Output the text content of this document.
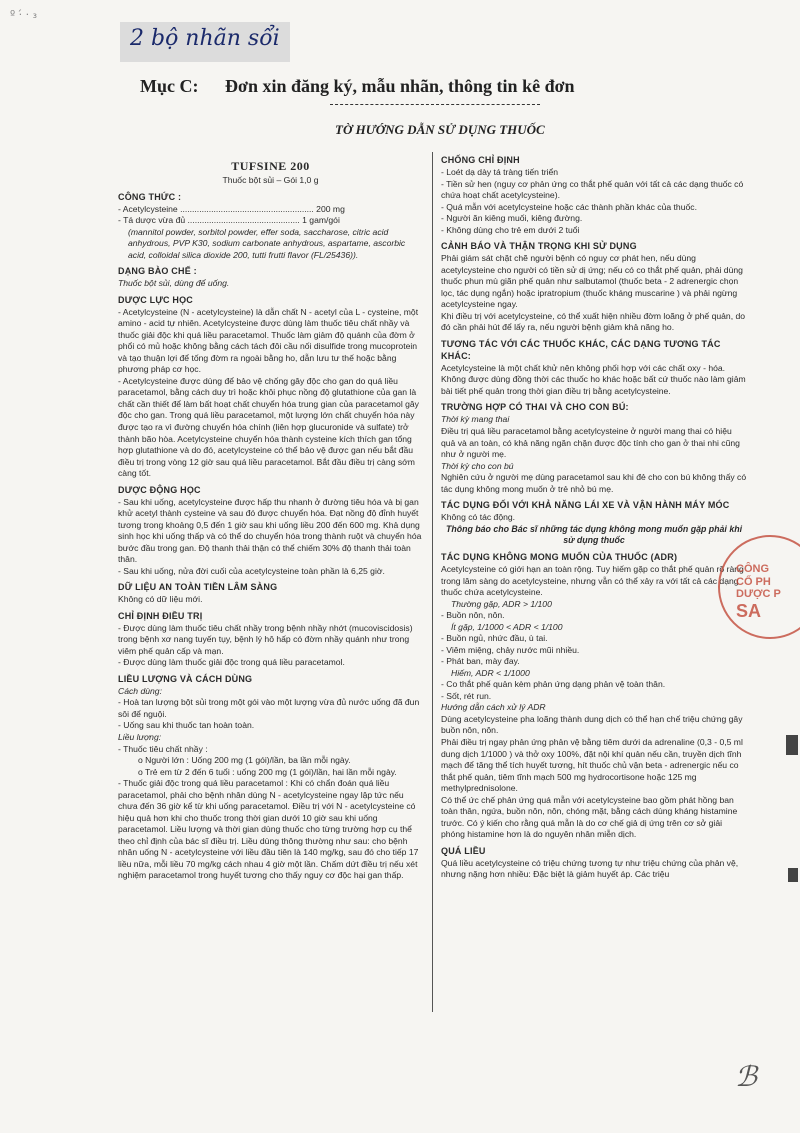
º ·́ · ₃
2 bộ nhãn sổi
Mục C: Đơn xin đăng ký, mẫu nhãn, thông tin kê đơn
TỜ HƯỚNG DẪN SỬ DỤNG THUỐC
TUFSINE 200
Thuốc bột sủi – Gói 1,0 g
CÔNG THỨC :
- Acetylcysteine ........................................................ 200 mg
- Tá dược vừa đủ ............................................... 1 gam/gói
(mannitol powder, sorbitol powder, effer soda, saccharose, citric acid anhydrous, PVP K30, sodium carbonate anhydrous, aspartame, ascorbic acid, colloidal silica dioxide 200, tutti frutti flavor (FL/25436)).
DẠNG BÀO CHẾ :
Thuốc bột sủi, dùng để uống.
DƯỢC LỰC HỌC
- Acetylcysteine (N - acetylcysteine) là dẫn chất N - acetyl của L - cysteine, một amino - acid tự nhiên. Acetylcysteine được dùng làm thuốc tiêu chất nhầy và thuốc giải độc khi quá liều paracetamol. Thuốc làm giảm độ quánh của đờm ở phổi có mủ hoặc không bằng cách tách đôi cầu nối disulfide trong mucoprotein và tạo thuận lợi để tống đờm ra ngoài bằng ho, dẫn lưu tư thế hoặc bằng phương pháp cơ học.
- Acetylcysteine được dùng để bảo vệ chống gây độc cho gan do quá liều paracetamol, bằng cách duy trì hoặc khôi phục nồng độ glutathione của gan là chất cần thiết để làm bất hoạt chất chuyển hóa trung gian của paracetamol gây độc cho gan. Trong quá liều paracetamol, một lượng lớn chất chuyển hóa này được tạo ra vì đường chuyển hóa chính (liên hợp glucuronide và sulfate) trở thành bão hòa. Acetylcysteine chuyển hóa thành cysteine kích thích gan tổng hợp glutathione và do đó, acetylcysteine có thể bảo vệ được gan nếu bắt đầu điều trị trong vòng 12 giờ sau quá liều paracetamol. Bắt đầu điều trị càng sớm càng tốt.
DƯỢC ĐỘNG HỌC
- Sau khi uống, acetylcysteine được hấp thu nhanh ở đường tiêu hóa và bị gan khử acetyl thành cysteine và sau đó được chuyển hóa. Đạt nồng độ đỉnh huyết tương trong khoảng 0,5 đến 1 giờ sau khi uống liều 200 đến 600 mg. Khả dụng sinh học khi uống thấp và có thể do chuyển hóa trong thành ruột và chuyển hóa bước đầu trong gan. Độ thanh thải thận có thể chiếm 30% độ thanh thải toàn thân.
- Sau khi uống, nửa đời cuối của acetylcysteine toàn phần là 6,25 giờ.
DỮ LIỆU AN TOÀN TIỀN LÂM SÀNG
Không có dữ liệu mới.
CHỈ ĐỊNH ĐIỀU TRỊ
- Được dùng làm thuốc tiêu chất nhầy trong bệnh nhầy nhớt (mucoviscidosis) trong bệnh xơ nang tuyến tụy, bệnh lý hô hấp có đờm nhầy quánh như trong viêm phế quản cấp và mạn.
- Được dùng làm thuốc giải độc trong quá liều paracetamol.
LIỀU LƯỢNG VÀ CÁCH DÙNG
Cách dùng:
- Hoà tan lượng bột sủi trong một gói vào một lượng vừa đủ nước uống đã đun sôi để nguội.
- Uống sau khi thuốc tan hoàn toàn.
Liều lượng:
- Thuốc tiêu chất nhầy :
o Người lớn : Uống 200 mg (1 gói)/lần, ba lần mỗi ngày.
o Trẻ em từ 2 đến 6 tuổi : uống 200 mg (1 gói)/lần, hai lần mỗi ngày.
- Thuốc giải độc trong quá liều paracetamol : Khi có chẩn đoán quá liều paracetamol, phải cho bệnh nhân dùng N - acetylcysteine ngay lập tức nếu chưa đến 36 giờ kể từ khi uống paracetamol. Điều trị với N - acetylcysteine có hiệu quả hơn khi cho thuốc trong thời gian dưới 10 giờ sau khi uống paracetamol. Liều lượng và thời gian dùng thuốc cho từng trường hợp cụ thể theo chỉ định của bác sĩ điều trị. Liều dùng thông thường như sau: cho bệnh nhân uống N - acetylcysteine với liều đầu tiên là 140 mg/kg, sau đó cho tiếp 17 liều nữa, mỗi liều 70 mg/kg cách nhau 4 giờ một lần. Chấm dứt điều trị nếu xét nghiệm paracetamol trong huyết tương cho thấy nguy cơ độc hại gan thấp.
CHỐNG CHỈ ĐỊNH
- Loét dạ dày tá tràng tiến triển
- Tiền sử hen (nguy cơ phản ứng co thắt phế quản với tất cả các dạng thuốc có chứa hoạt chất acetylcysteine).
- Quá mẫn với acetylcysteine hoặc các thành phần khác của thuốc.
- Người ăn kiêng muối, kiêng đường.
- Không dùng cho trẻ em dưới 2 tuổi
CẢNH BÁO VÀ THẬN TRỌNG KHI SỬ DỤNG
Phải giám sát chặt chẽ người bệnh có nguy cơ phát hen, nếu dùng acetylcysteine cho người có tiền sử dị ứng; nếu có co thắt phế quản, phải dùng thuốc phun mù giãn phế quản như salbutamol (thuốc beta - 2 adrenergic chọn lọc, tác dụng ngắn) hoặc ipratropium (thuốc kháng muscarine ) và phải ngừng acetylcysteine ngay.
Khi điều trị với acetylcysteine, có thể xuất hiện nhiều đờm loãng ở phế quản, do đó cần phải hút để lấy ra, nếu người bệnh giảm khả năng ho.
TƯƠNG TÁC VỚI CÁC THUỐC KHÁC, CÁC DẠNG TƯƠNG TÁC KHÁC:
Acetylcysteine là một chất khử nên không phối hợp với các chất oxy - hóa. Không được dùng đồng thời các thuốc ho khác hoặc bất cứ thuốc nào làm giảm bài tiết phế quản trong thời gian điều trị bằng acetylcysteine.
TRƯỜNG HỢP CÓ THAI VÀ CHO CON BÚ:
Thời kỳ mang thai
Điều trị quá liều paracetamol bằng acetylcysteine ở người mang thai có hiệu quả và an toàn, có khả năng ngăn chặn được độc tính cho gan ở thai nhi cũng như ở người mẹ.
Thời kỳ cho con bú
Nghiên cứu ở người mẹ dùng paracetamol sau khi đẻ cho con bú không thấy có tác dụng không mong muốn ở trẻ nhỏ bú mẹ.
TÁC DỤNG ĐỐI VỚI KHẢ NĂNG LÁI XE VÀ VẬN HÀNH MÁY MÓC
Không có tác động.
Thông báo cho Bác sĩ những tác dụng không mong muốn gặp phải khi sử dụng thuốc
TÁC DỤNG KHÔNG MONG MUỐN CỦA THUỐC (ADR)
Acetylcysteine có giới hạn an toàn rộng. Tuy hiếm gặp co thắt phế quản rõ ràng trong lâm sàng do acetylcysteine, nhưng vẫn có thể xảy ra với tất cả các dạng thuốc chứa acetylcysteine.
Thường gặp, ADR > 1/100
- Buồn nôn, nôn.
Ít gặp, 1/1000 < ADR < 1/100
- Buồn ngủ, nhức đầu, ù tai.
- Viêm miệng, chảy nước mũi nhiều.
- Phát ban, mày đay.
Hiếm, ADR < 1/1000
- Co thắt phế quản kèm phản ứng dạng phản vệ toàn thân.
- Sốt, rét run.
Hướng dẫn cách xử lý ADR
Dùng acetylcysteine pha loãng thành dung dịch có thể hạn chế triệu chứng gây buồn nôn, nôn.
Phải điều trị ngay phản ứng phản vệ bằng tiêm dưới da adrenaline (0,3 - 0,5 ml dung dịch 1/1000 ) và thở oxy 100%, đặt nội khí quản nếu cần, truyền dịch tĩnh mạch để tăng thể tích huyết tương, hít thuốc chủ vận beta - adrenergic nếu co thắt phế quản, tiêm tĩnh mạch 500 mg hydrocortisone hoặc 125 mg methylprednisolone.
Có thể ức chế phản ứng quá mẫn với acetylcysteine bao gồm phát hồng ban toàn thân, ngứa, buồn nôn, nôn, chóng mặt, bằng cách dùng kháng histamine trước. Có ý kiến cho rằng quá mẫn là do cơ chế giả dị ứng trên cơ sở giải phóng histamine hơn là do nguyên nhân miễn dịch.
QUÁ LIỀU
Quá liều acetylcysteine có triệu chứng tương tự như triệu chứng của phản vệ, nhưng nặng hơn nhiều: Đặc biệt là giảm huyết áp. Các triệu
CÔNG
CỔ PH
DƯỢC P
SA
ℬ
